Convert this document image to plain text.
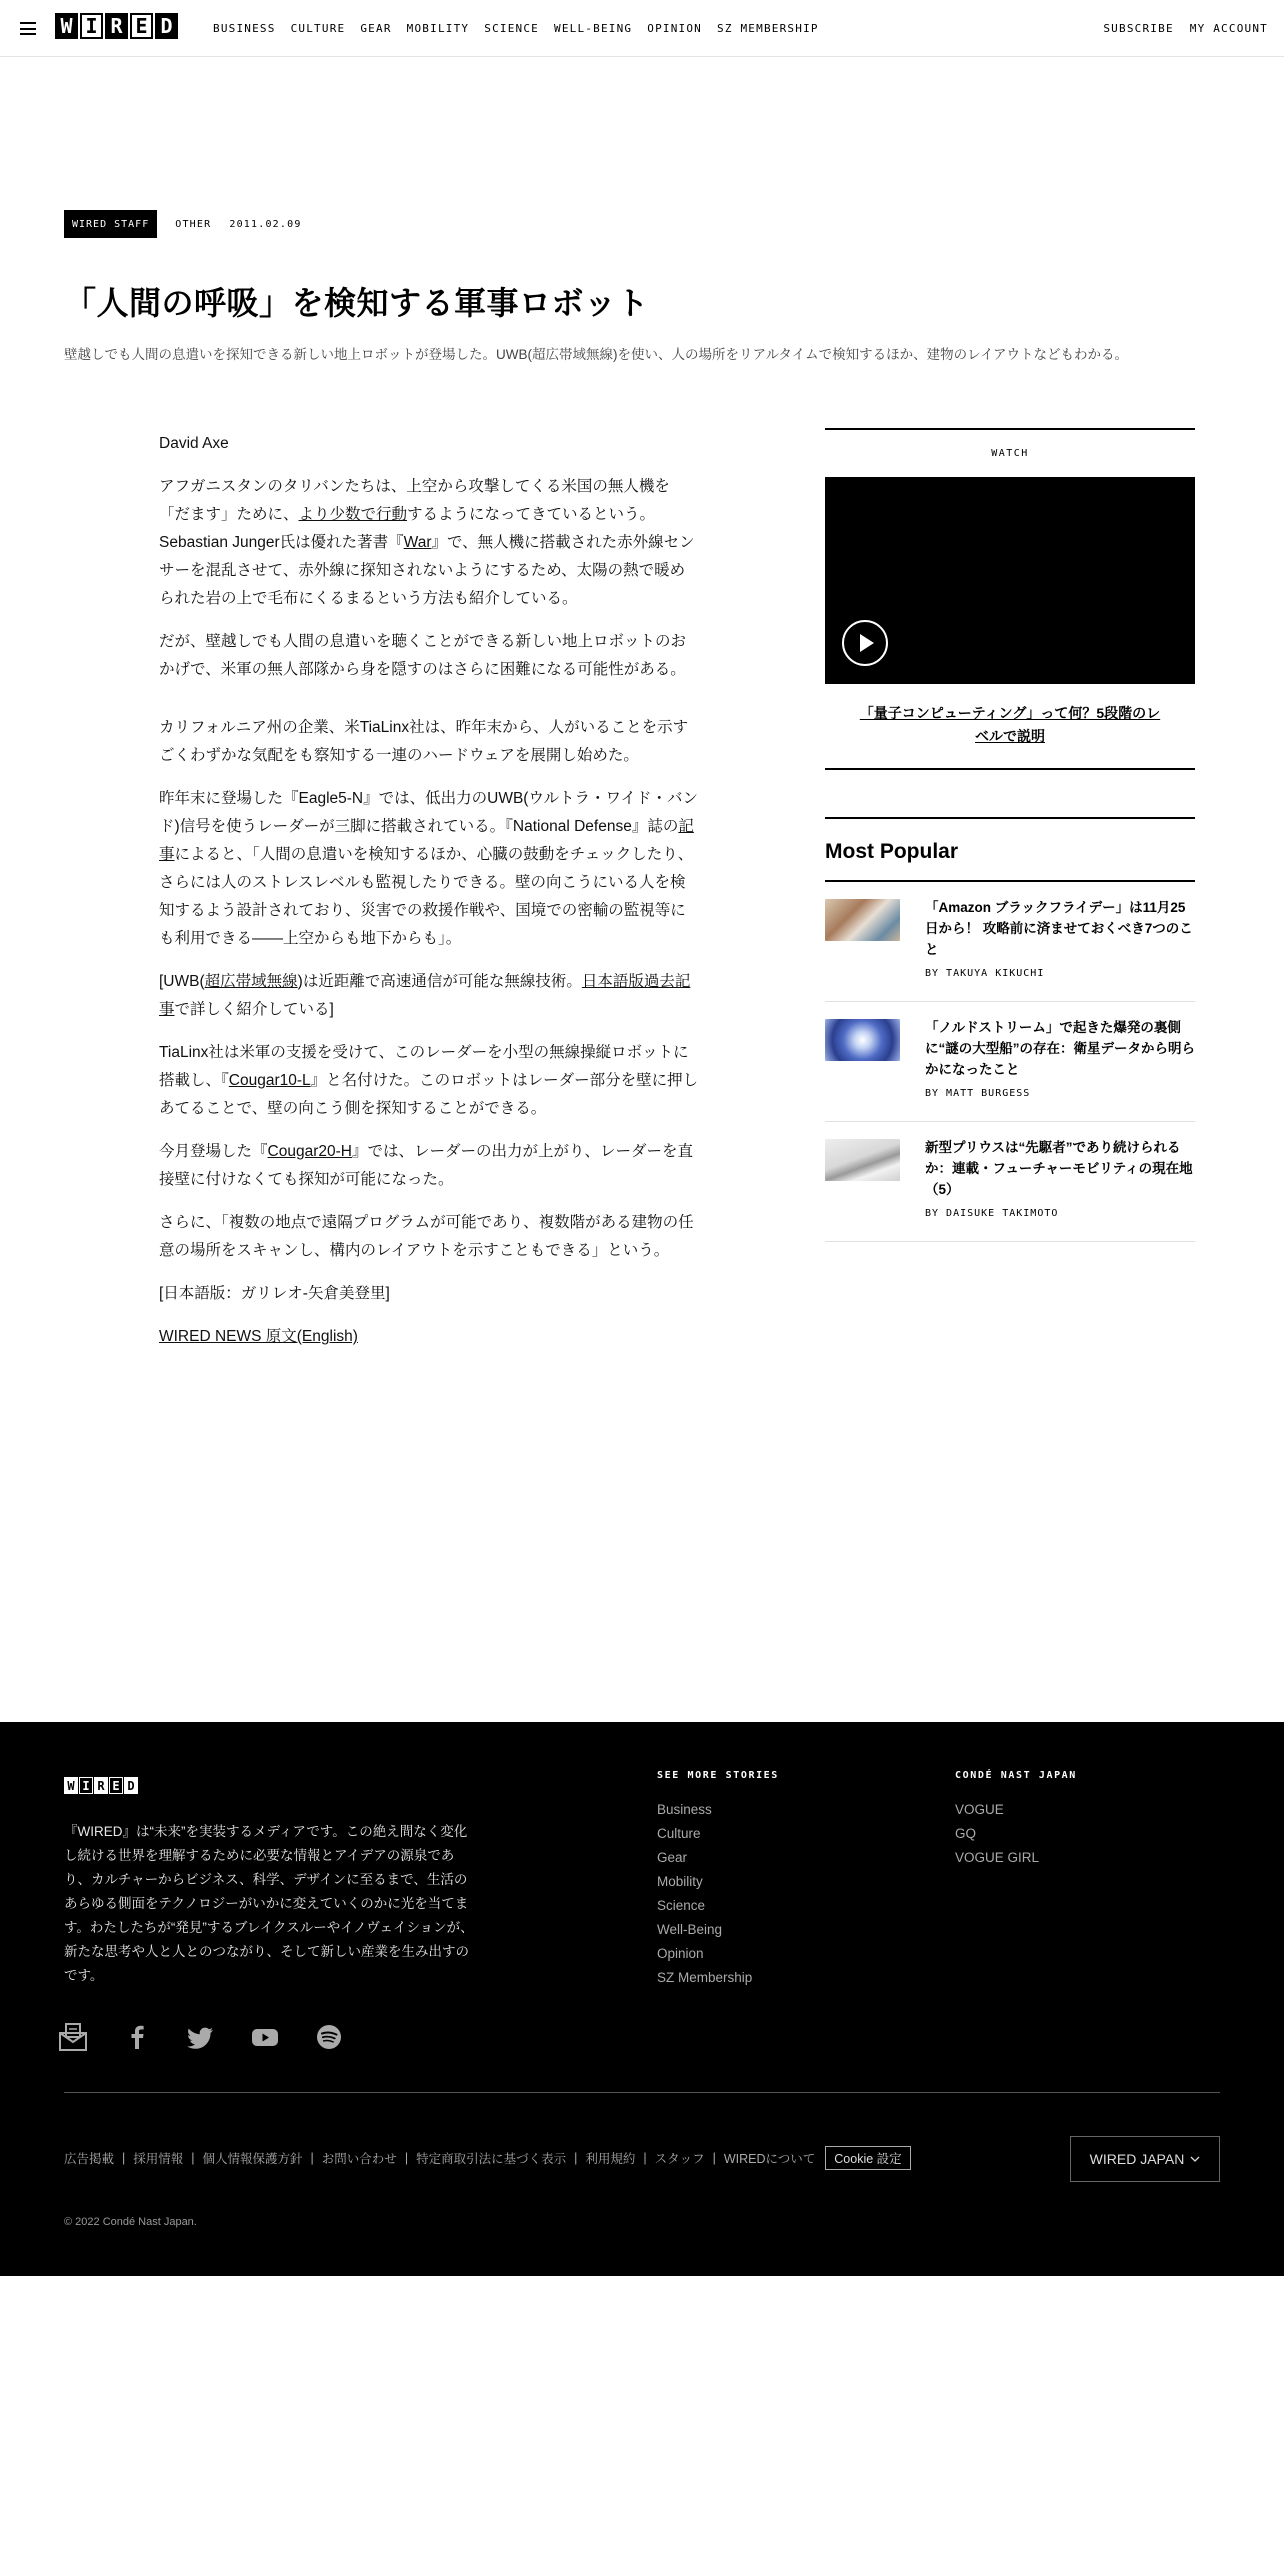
W I R E D	BUSINESS CULTURE GEAR MOBILITY SCIENCE WELL-BEING OPINION SZ MEMBERSHIP	SUBSCRIBE MY ACCOUNT
WIRED STAFF	OTHER 2011.02.09
「人間の呼吸」を検知する軍事ロボット

壁越しでも人間の息遣いを探知できる新しい地上ロボットが登場した。UWB(超広帯域無線)を使い、人の場所をリアルタイムで検知するほか、建物のレイアウトなどもわかる。

David Axe

アフガニスタンのタリバンたちは、上空から攻撃してくる米国の無人機を「だます」ために、より少数で行動するようになってきているという。Sebastian Junger氏は優れた著書『War』で、無人機に搭載された赤外線センサーを混乱させて、赤外線に探知されないようにするため、太陽の熱で暖められた岩の上で毛布にくるまるという方法も紹介している。

だが、壁越しでも人間の息遣いを聴くことができる新しい地上ロボットのおかげで、米軍の無人部隊から身を隠すのはさらに困難になる可能性がある。

カリフォルニア州の企業、米TiaLinx社は、昨年末から、人がいることを示すごくわずかな気配をも察知する一連のハードウェアを展開し始めた。

昨年末に登場した『Eagle5-N』では、低出力のUWB(ウルトラ・ワイド・バンド)信号を使うレーダーが三脚に搭載されている。『National Defense』誌の記事によると、「人間の息遣いを検知するほか、心臓の鼓動をチェックしたり、さらには人のストレスレベルも監視したりできる。壁の向こうにいる人を検知するよう設計されており、災害での救援作戦や、国境での密輸の監視等にも利用できる――上空からも地下からも」。

[UWB(超広帯域無線)は近距離で高速通信が可能な無線技術。日本語版過去記事で詳しく紹介している]

TiaLinx社は米軍の支援を受けて、このレーダーを小型の無線操縦ロボットに搭載し、『Cougar10-L』と名付けた。このロボットはレーダー部分を壁に押しあてることで、壁の向こう側を探知することができる。

今月登場した『Cougar20-H』では、レーダーの出力が上がり、レーダーを直接壁に付けなくても探知が可能になった。

さらに、「複数の地点で遠隔プログラムが可能であり、複数階がある建物の任意の場所をスキャンし、構内のレイアウトを示すこともできる」という。

[日本語版：ガリレオ-矢倉美登里]

WIRED NEWS 原文(English)

WATCH
「量子コンピューティング」って何？5段階のレベルで説明
Most Popular
「Amazon ブラックフライデー」は11月25日から！ 攻略前に済ませておくべき7つのこと
BY TAKUYA KIKUCHI
「ノルドストリーム」で起きた爆発の裏側に“謎の大型船”の存在：衛星データから明らかになったこと
BY MATT BURGESS
新型プリウスは“先駆者”であり続けられるか：連載・フューチャーモビリティの現在地（5）
BY DAISUKE TAKIMOTO
W I R E D

『WIRED』は“未来”を実装するメディアです。この絶え間なく変化し続ける世界を理解するために必要な情報とアイデアの源泉であり、カルチャーからビジネス、科学、デザインに至るまで、生活のあらゆる側面をテクノロジーがいかに変えていくのかに光を当てます。わたしたちが“発見”するブレイクスルーやイノヴェイションが、新たな思考や人と人とのつながり、そして新しい産業を生み出すのです。

SEE MORE STORIES
Business
Culture
Gear
Mobility
Science
Well-Being
Opinion
SZ Membership
CONDÉ NAST JAPAN
VOGUE
GQ
VOGUE GIRL
広告掲載 | 採用情報 | 個人情報保護方針 | お問い合わせ | 特定商取引法に基づく表示 | 利用規約 | スタッフ | WIREDについて	Cookie 設定	WIRED JAPAN
© 2022 Condé Nast Japan.
